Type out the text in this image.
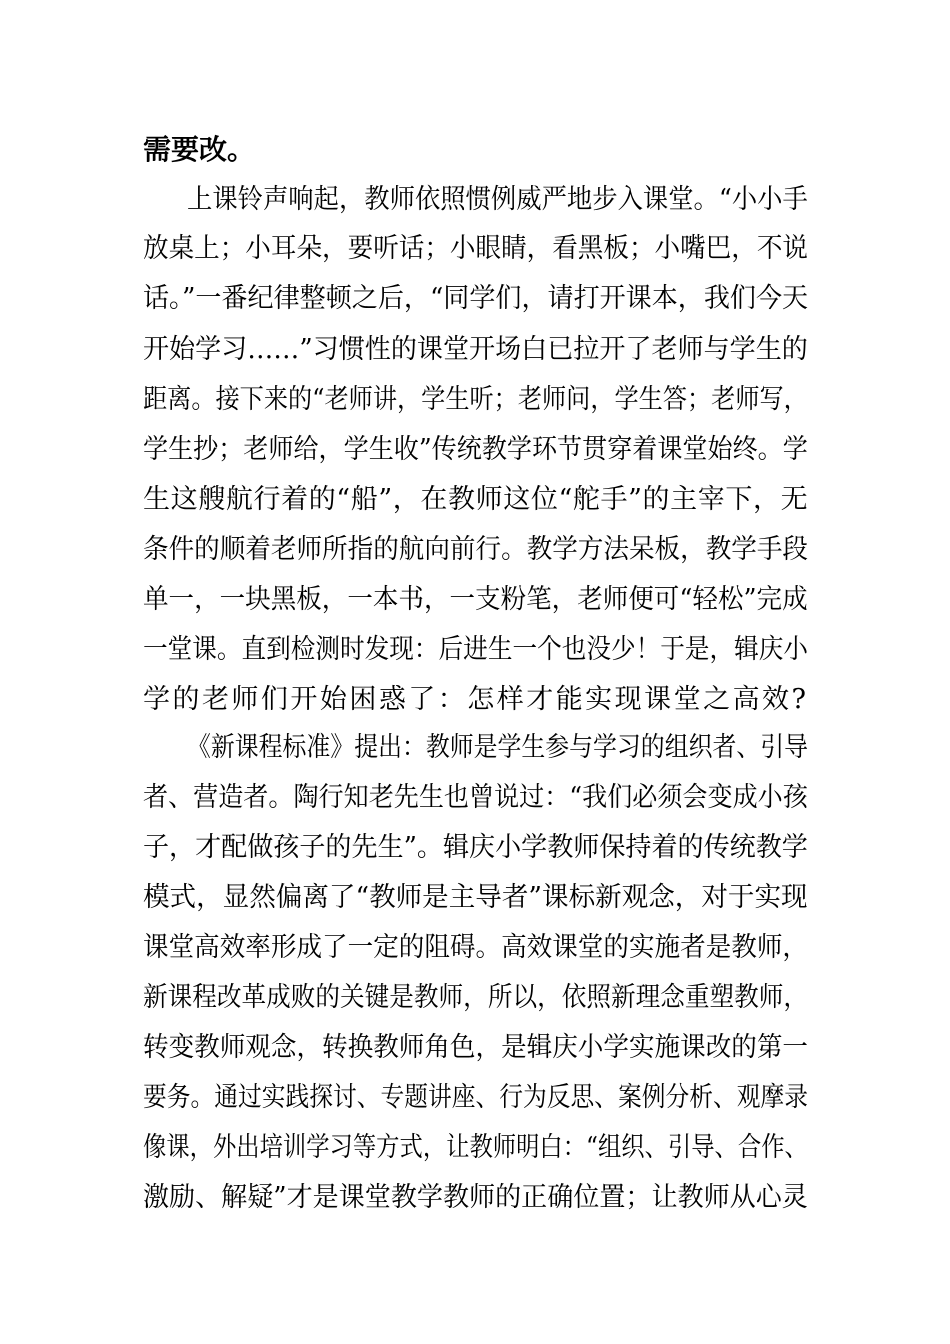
需要改。
上课铃声响起，教师依照惯例威严地步入课堂。“小小手
放桌上；小耳朵，要听话；小眼睛，看黑板；小嘴巴，不说
话。”一番纪律整顿之后，“同学们，请打开课本，我们今天
开始学习……”习惯性的课堂开场白已拉开了老师与学生的
距离。接下来的“老师讲，学生听；老师问，学生答；老师写，
学生抄；老师给，学生收”传统教学环节贯穿着课堂始终。学
生这艘航行着的“船”，在教师这位“舵手”的主宰下，无
条件的顺着老师所指的航向前行。教学方法呆板，教学手段
单一，一块黑板，一本书，一支粉笔，老师便可“轻松”完成
一堂课。直到检测时发现：后进生一个也没少！于是，辑庆小
学的老师们开始困惑了：怎样才能实现课堂之高效?
《新课程标准》提出：教师是学生参与学习的组织者、引导
者、营造者。陶行知老先生也曾说过：“我们必须会变成小孩
子，才配做孩子的先生”。辑庆小学教师保持着的传统教学
模式，显然偏离了“教师是主导者”课标新观念，对于实现
课堂高效率形成了一定的阻碍。高效课堂的实施者是教师，
新课程改革成败的关键是教师，所以，依照新理念重塑教师，
转变教师观念，转换教师角色，是辑庆小学实施课改的第一
要务。通过实践探讨、专题讲座、行为反思、案例分析、观摩录
像课，外出培训学习等方式，让教师明白：“组织、引导、合作、
激励、解疑”才是课堂教学教师的正确位置；让教师从心灵
